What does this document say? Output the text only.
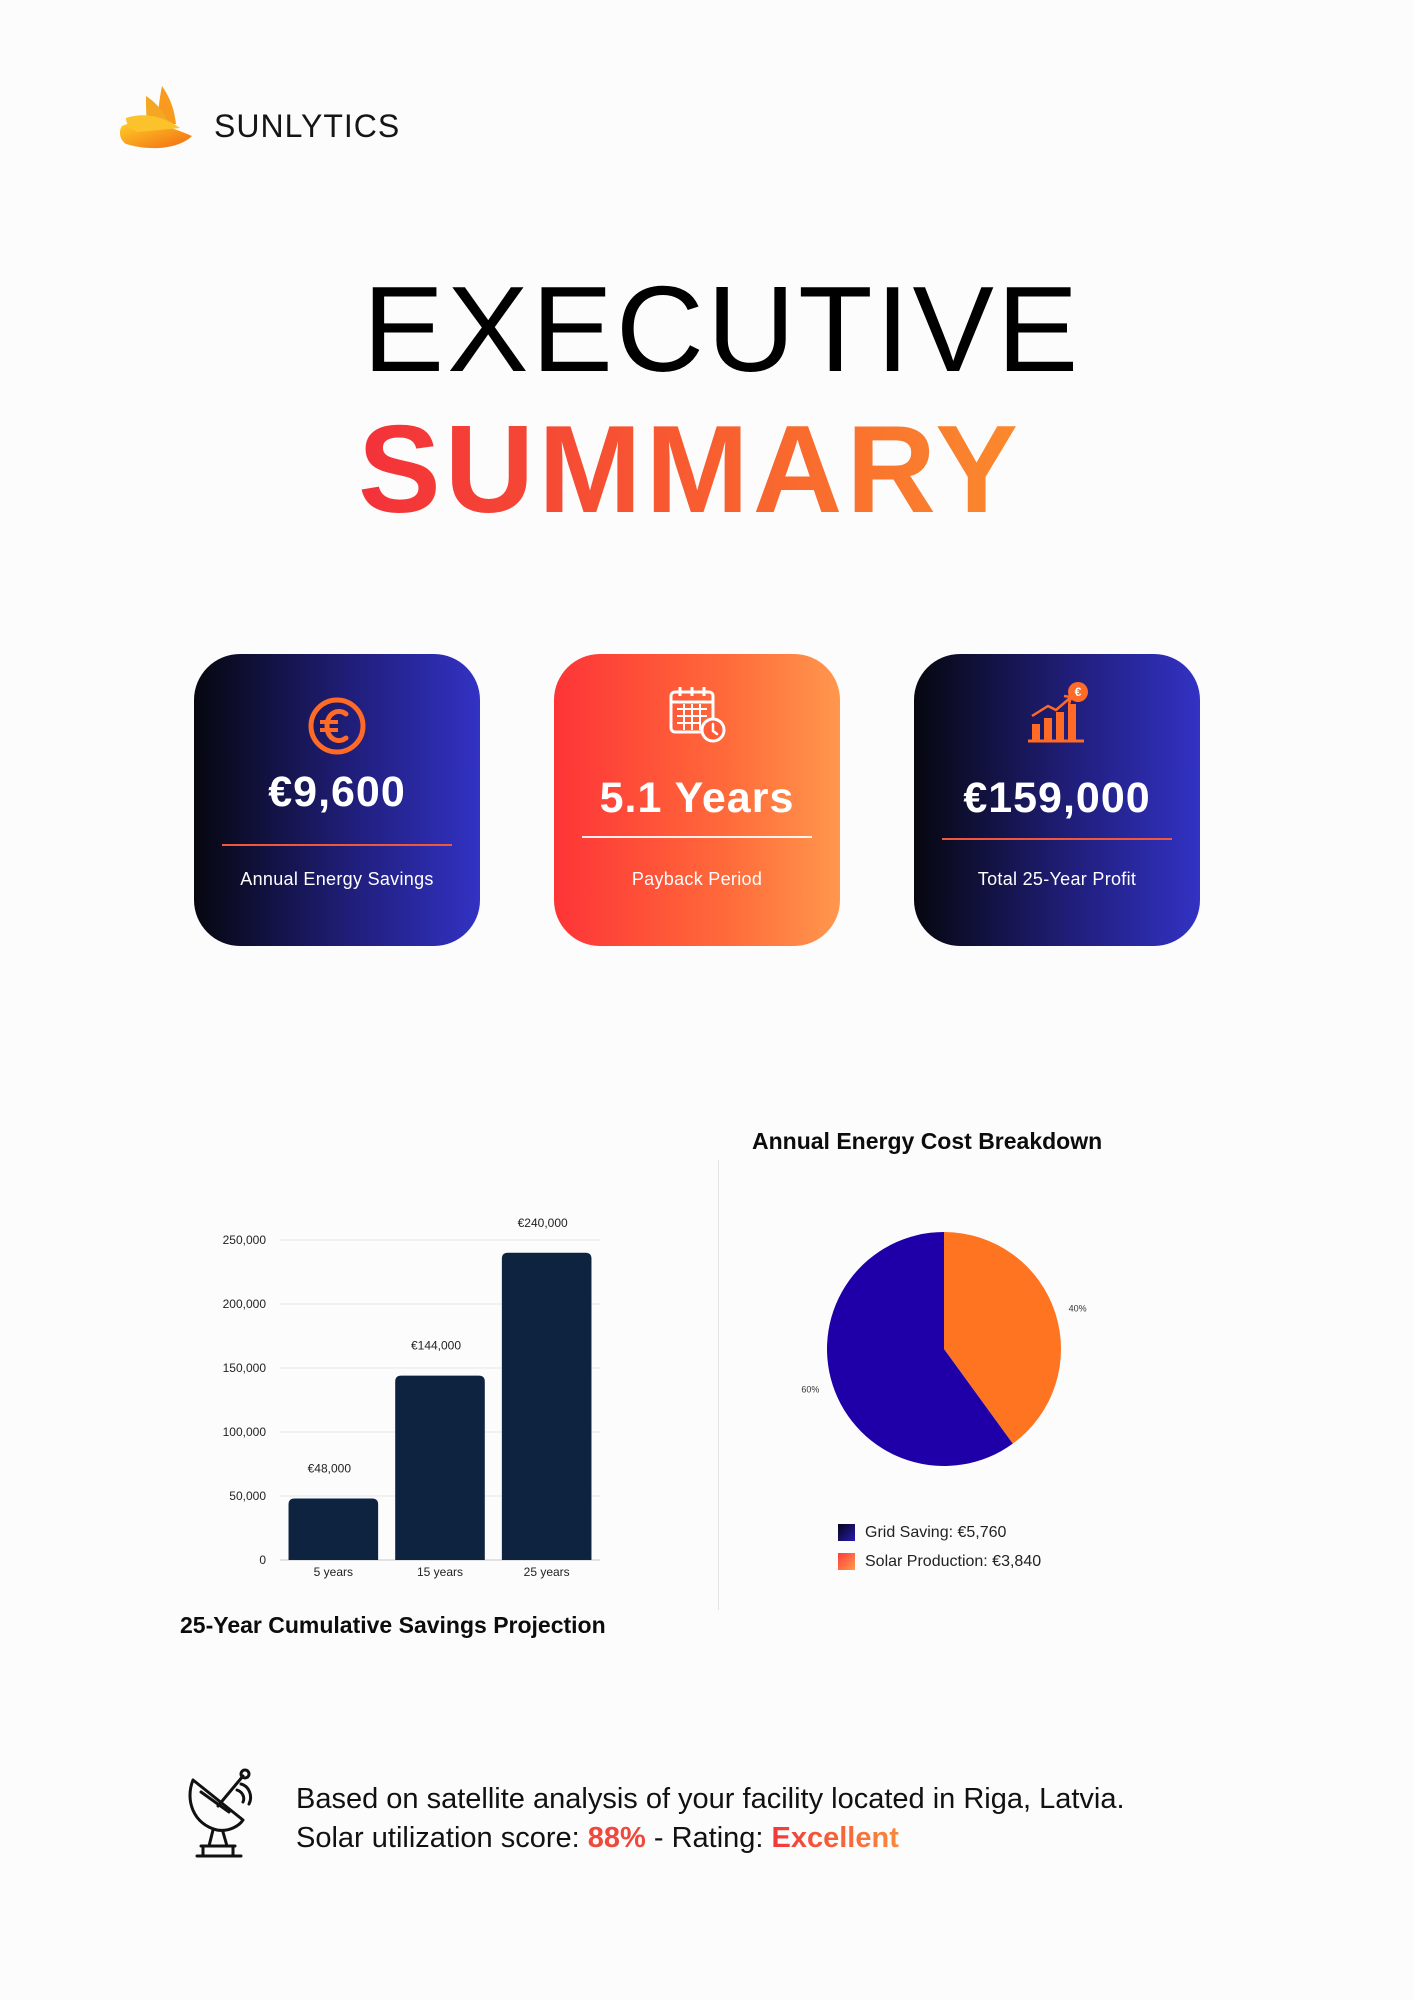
SUNLYTICS
EXECUTIVE
SUMMARY
€9,600
Annual Energy Savings
5.1 Years
Payback Period
€
€159,000
Total 25-Year Profit
0
50,000
100,000
150,000
200,000
250,000
€48,000
5 years
€144,000
15 years
€240,000
25 years
25-Year Cumulative Savings Projection
Annual Energy Cost Breakdown
40%
60%
Grid Saving: €5,760
Solar Production: €3,840
Based on satellite analysis of your facility located in Riga, Latvia.
Solar utilization score: 88% - Rating: Excellent
